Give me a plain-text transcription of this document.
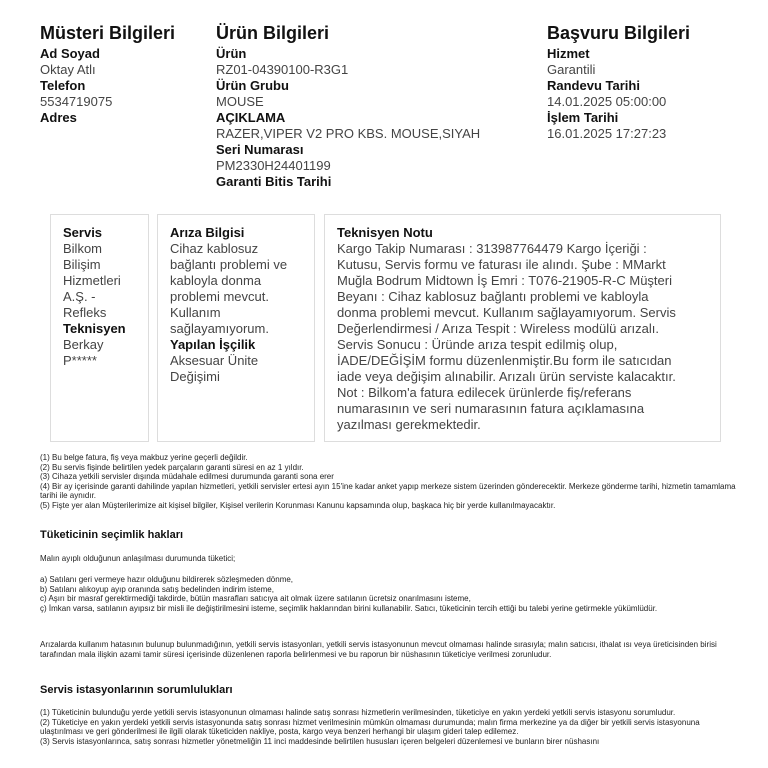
Müsteri Bilgileri
Ad Soyad
Oktay Atlı
Telefon
5534719075
Adres
Ürün Bilgileri
Ürün
RZ01-04390100-R3G1
Ürün Grubu
MOUSE
AÇIKLAMA
RAZER,VIPER V2 PRO KBS. MOUSE,SIYAH
Seri Numarası
PM2330H24401199
Garanti Bitis Tarihi
Başvuru Bilgileri
Hizmet
Garantili
Randevu Tarihi
14.01.2025 05:00:00
İşlem Tarihi
16.01.2025 17:27:23
Servis
Bilkom
Bilişim
Hizmetleri
A.Ş. -
Refleks
Teknisyen
Berkay
P*****
Arıza Bilgisi
Cihaz kablosuz
bağlantı problemi ve
kabloyla donma
problemi mevcut.
Kullanım
sağlayamıyorum.
Yapılan İşçilik
Aksesuar Ünite
Değişimi
Teknisyen Notu
Kargo Takip Numarası : 313987764479 Kargo İçeriği :
Kutusu, Servis formu ve faturası ile alındı. Şube : MMarkt
Muğla Bodrum Midtown İş Emri : T076-21905-R-C Müşteri
Beyanı : Cihaz kablosuz bağlantı problemi ve kabloyla
donma problemi mevcut. Kullanım sağlayamıyorum. Servis
Değerlendirmesi / Arıza Tespit : Wireless modülü arızalı.
Servis Sonucu : Üründe arıza tespit edilmiş olup,
İADE/DEĞİŞİM formu düzenlenmiştir.Bu form ile satıcıdan
iade veya değişim alınabilir. Arızalı ürün serviste kalacaktır.
Not : Bilkom'a fatura edilecek ürünlerde fiş/referans
numarasının ve seri numarasının fatura açıklamasına
yazılması gerekmektedir.

(1) Bu belge fatura, fiş veya makbuz yerine geçerli değildir.

(2) Bu servis fişinde belirtilen yedek parçaların garanti süresi en az 1 yıldır.

(3) Cihaza yetkili servisler dışında müdahale edilmesi durumunda garanti sona erer

(4) Bir ay içerisinde garanti dahilinde yapılan hizmetleri, yetkili servisler ertesi ayın 15'ine kadar anket yapıp merkeze sistem üzerinden gönderecektir. Merkeze gönderme tarihi, hizmetin tamamlama tarihi ile aynıdır.

(5) Fişte yer alan Müşterilerimize ait kişisel bilgiler, Kişisel verilerin Korunması Kanunu kapsamında olup, başkaca hiç bir yerde kullanılmayacaktır.

Tüketicinin seçimlik hakları
Malın ayıplı olduğunun anlaşılması durumunda tüketici;

a) Satılanı geri vermeye hazır olduğunu bildirerek sözleşmeden dönme,

b) Satılanı alıkoyup ayıp oranında satış bedelinden indirim isteme,

c) Aşırı bir masraf gerektirmediği takdirde, bütün masrafları satıcıya ait olmak üzere satılanın ücretsiz onarılmasını isteme,

ç) İmkan varsa, satılanın ayıpsız bir misli ile değiştirilmesini isteme, seçimlik haklarından birini kullanabilir. Satıcı, tüketicinin tercih ettiği bu talebi yerine getirmekle yükümlüdür.

Arızalarda kullanım hatasının bulunup bulunmadığının, yetkili servis istasyonları, yetkili servis istasyonunun mevcut olmaması halinde sırasıyla; malın satıcısı, ithalat ısı veya üreticisinden birisi tarafından mala ilişkin azami tamir süresi içerisinde düzenlenen raporla belirlenmesi ve bu raporun bir nüshasının tüketiciye verilmesi zorunludur.
Servis istasyonlarının sorumlulukları

(1) Tüketicinin bulunduğu yerde yetkili servis istasyonunun olmaması halinde satış sonrası hizmetlerin verilmesinden, tüketiciye en yakın yerdeki yetkili servis istasyonu sorumludur.

(2) Tüketiciye en yakın yerdeki yetkili servis istasyonunda satış sonrası hizmet verilmesinin mümkün olmaması durumunda; malın firma merkezine ya da diğer bir yetkili servis istasyonuna ulaştırılması ve geri gönderilmesi ile ilgili olarak tüketiciden nakliye, posta, kargo veya benzeri herhangi bir ulaşım gideri talep edilemez.

(3) Servis istasyonlarınca, satış sonrası hizmetler yönetmeliğin 11 inci maddesinde belirtilen hususları içeren belgeleri düzenlemesi ve bunların birer nüshasını
